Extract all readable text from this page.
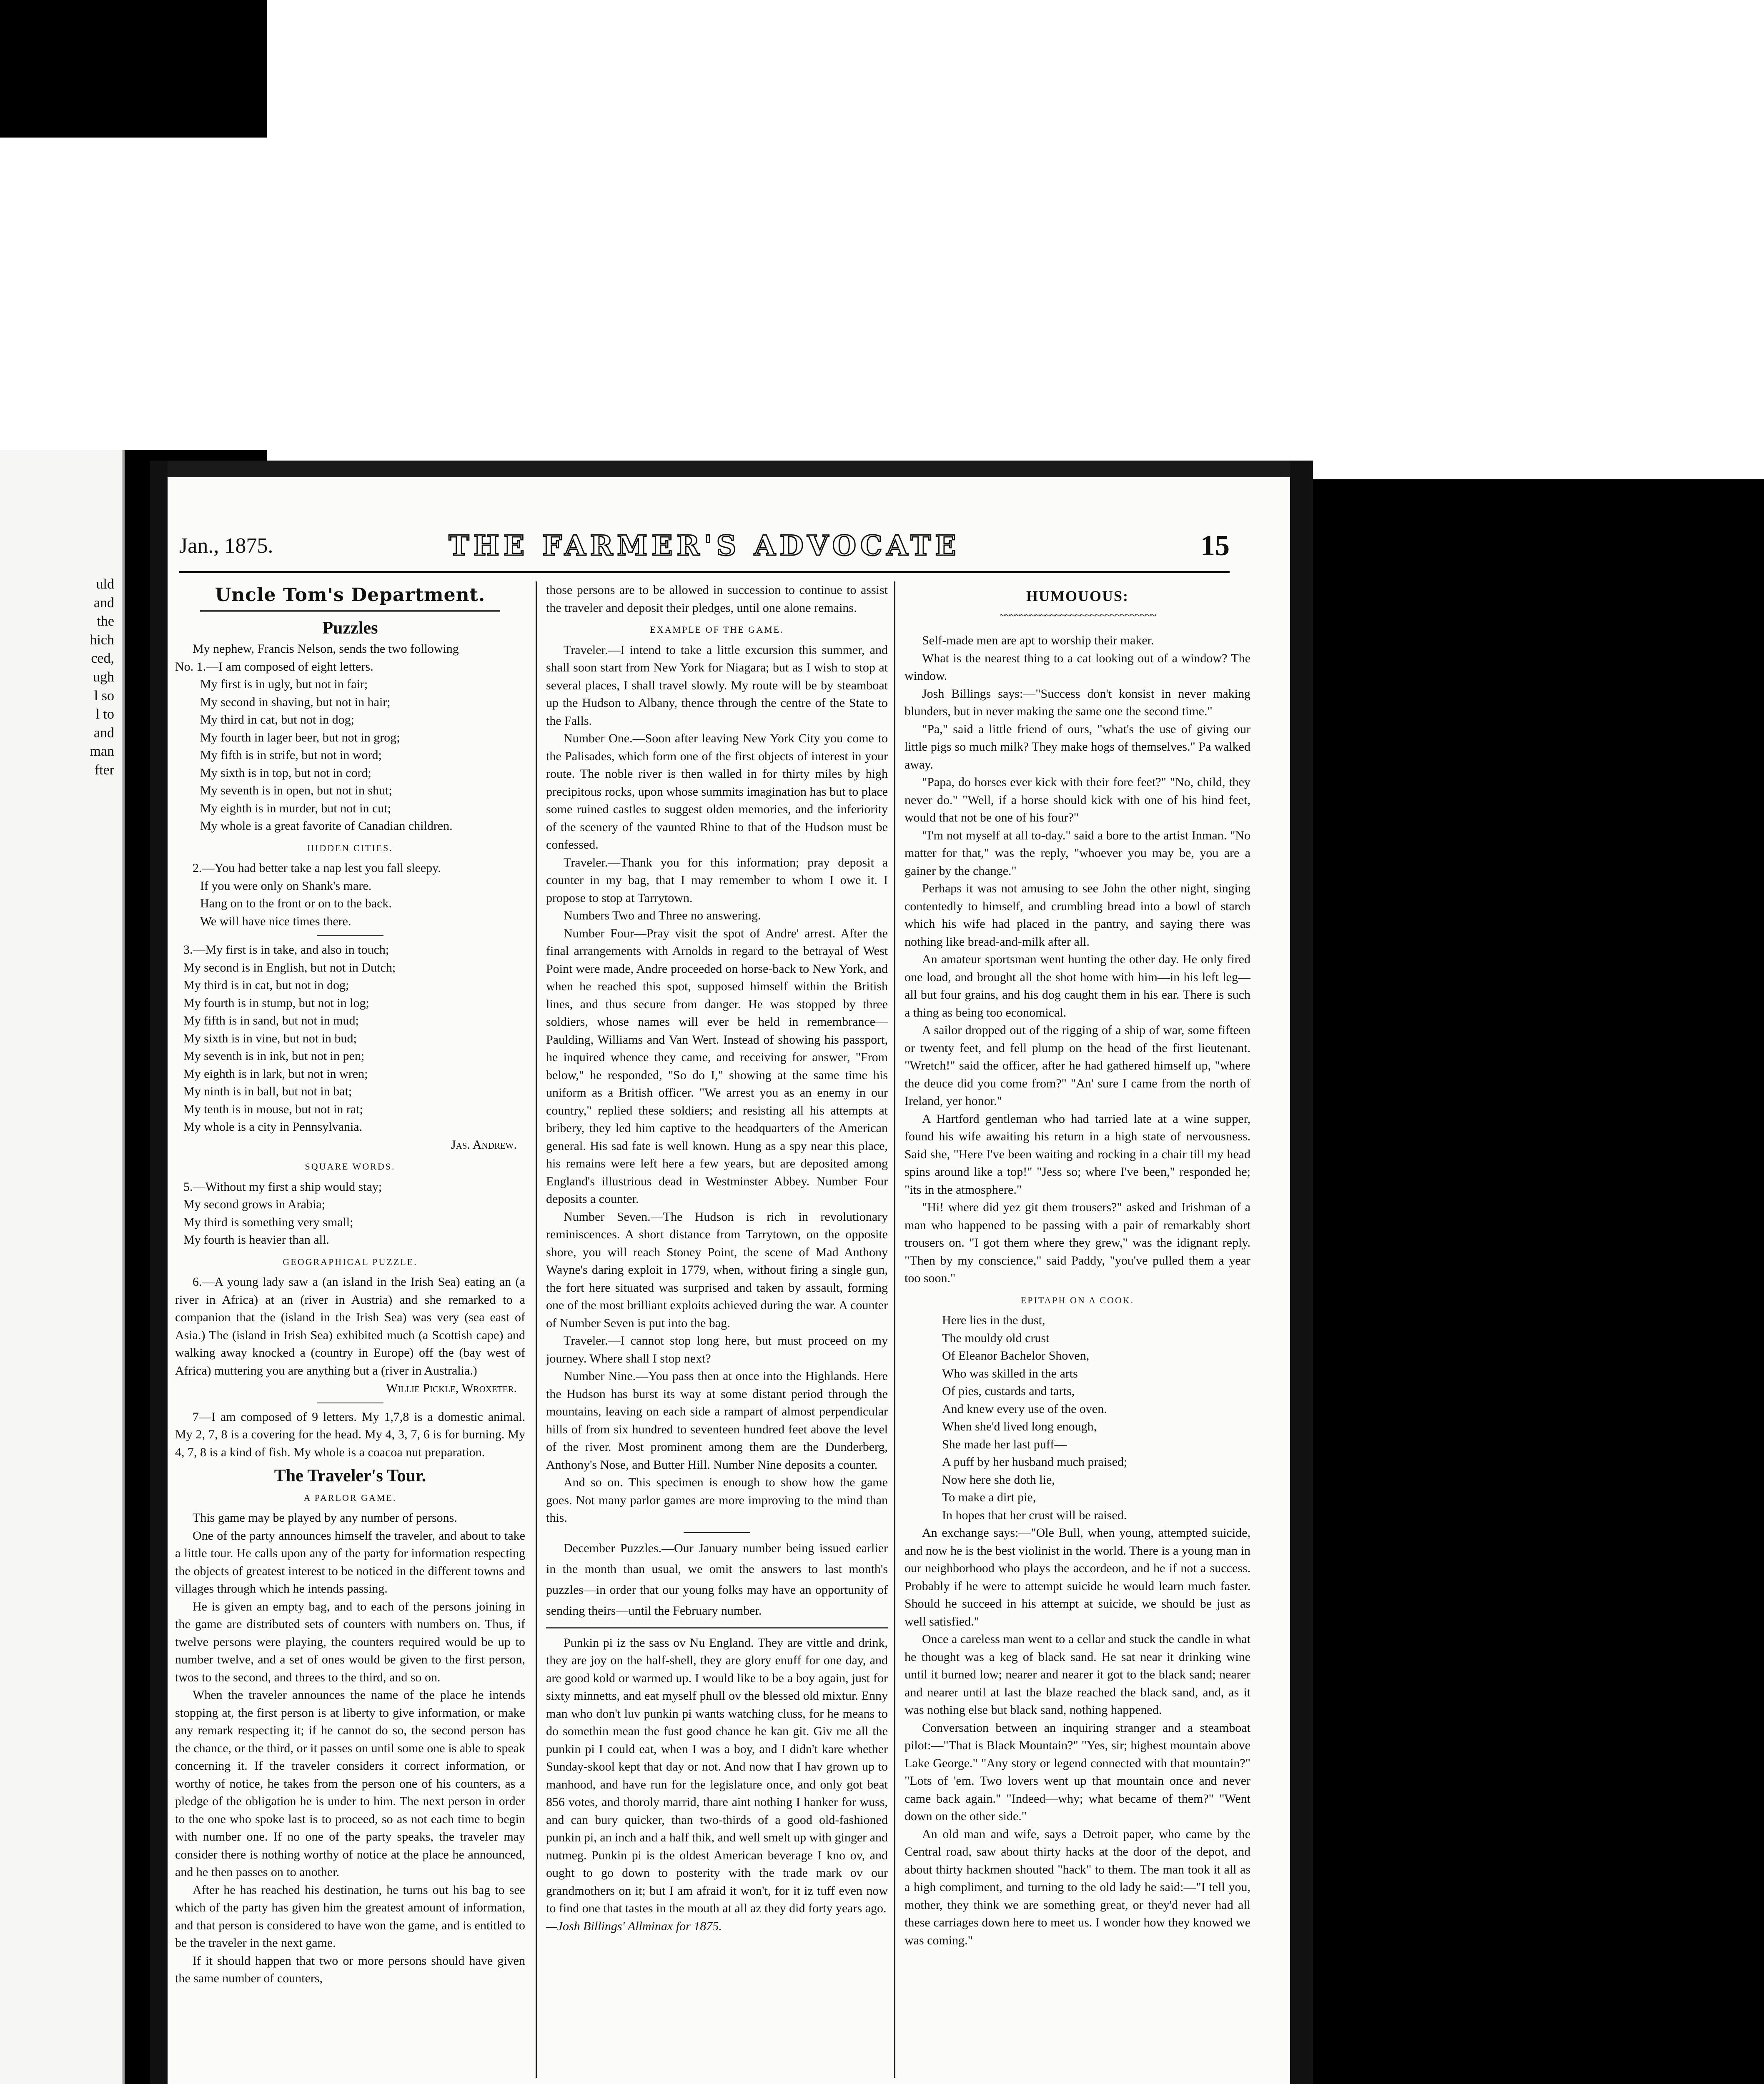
uld
and
the
hich
ced,
ugh
l so
l to
and
man
fter
Jan., 1875.	THE FARMER'S ADVOCATE	15
Uncle Tom's Department.
Puzzles

My nephew, Francis Nelson, sends the two following

No. 1.—I am composed of eight letters.

My first is in ugly, but not in fair;
My second in shaving, but not in hair;
My third in cat, but not in dog;
My fourth in lager beer, but not in grog;
My fifth is in strife, but not in word;
My sixth is in top, but not in cord;
My seventh is in open, but not in shut;
My eighth is in murder, but not in cut;
My whole is a great favorite of Canadian children.
HIDDEN CITIES.

2.—You had better take a nap lest you fall sleepy.

If you were only on Shank's mare.
Hang on to the front or on to the back.
We will have nice times there.
3.—My first is in take, and also in touch;
My second is in English, but not in Dutch;
My third is in cat, but not in dog;
My fourth is in stump, but not in log;
My fifth is in sand, but not in mud;
My sixth is in vine, but not in bud;
My seventh is in ink, but not in pen;
My eighth is in lark, but not in wren;
My ninth is in ball, but not in bat;
My tenth is in mouse, but not in rat;
My whole is a city in Pennsylvania.
Jas. Andrew.
SQUARE WORDS.
5.—Without my first a ship would stay;
My second grows in Arabia;
My third is something very small;
My fourth is heavier than all.
GEOGRAPHICAL PUZZLE.

6.—A young lady saw a (an island in the Irish Sea) eating an (a river in Africa) at an (river in Austria) and she remarked to a companion that the (island in the Irish Sea) was very (sea east of Asia.) The (island in Irish Sea) exhibited much (a Scottish cape) and walking away knocked a (country in Europe) off the (bay west of Africa) muttering you are anything but a (river in Australia.)

Willie Pickle, Wroxeter.

7—I am composed of 9 letters. My 1,7,8 is a domestic animal. My 2, 7, 8 is a covering for the head. My 4, 3, 7, 6 is for burning. My 4, 7, 8 is a kind of fish. My whole is a coacoa nut preparation.

The Traveler's Tour.
A PARLOR GAME.

This game may be played by any number of persons.

One of the party announces himself the traveler, and about to take a little tour. He calls upon any of the party for information respecting the objects of greatest interest to be noticed in the different towns and villages through which he intends passing.

He is given an empty bag, and to each of the persons joining in the game are distributed sets of counters with numbers on. Thus, if twelve persons were playing, the counters required would be up to number twelve, and a set of ones would be given to the first person, twos to the second, and threes to the third, and so on.

When the traveler announces the name of the place he intends stopping at, the first person is at liberty to give information, or make any remark respecting it; if he cannot do so, the second person has the chance, or the third, or it passes on until some one is able to speak concerning it. If the traveler considers it correct information, or worthy of notice, he takes from the person one of his counters, as a pledge of the obligation he is under to him. The next person in order to the one who spoke last is to proceed, so as not each time to begin with number one. If no one of the party speaks, the traveler may consider there is nothing worthy of notice at the place he announced, and he then passes on to another.

After he has reached his destination, he turns out his bag to see which of the party has given him the greatest amount of information, and that person is considered to have won the game, and is entitled to be the traveler in the next game.

If it should happen that two or more persons should have given the same number of counters,

those persons are to be allowed in succession to continue to assist the traveler and deposit their pledges, until one alone remains.

EXAMPLE OF THE GAME.

Traveler.—I intend to take a little excursion this summer, and shall soon start from New York for Niagara; but as I wish to stop at several places, I shall travel slowly. My route will be by steamboat up the Hudson to Albany, thence through the centre of the State to the Falls.

Number One.—Soon after leaving New York City you come to the Palisades, which form one of the first objects of interest in your route. The noble river is then walled in for thirty miles by high precipitous rocks, upon whose summits imagination has but to place some ruined castles to suggest olden memories, and the inferiority of the scenery of the vaunted Rhine to that of the Hudson must be confessed.

Traveler.—Thank you for this information; pray deposit a counter in my bag, that I may remember to whom I owe it. I propose to stop at Tarrytown.

Numbers Two and Three no answering.

Number Four—Pray visit the spot of Andre' arrest. After the final arrangements with Arnolds in regard to the betrayal of West Point were made, Andre proceeded on horse-back to New York, and when he reached this spot, supposed himself within the British lines, and thus secure from danger. He was stopped by three soldiers, whose names will ever be held in remembrance—Paulding, Williams and Van Wert. Instead of showing his passport, he inquired whence they came, and receiving for answer, "From below," he responded, "So do I," showing at the same time his uniform as a British officer. "We arrest you as an enemy in our country," replied these soldiers; and resisting all his attempts at bribery, they led him captive to the headquarters of the American general. His sad fate is well known. Hung as a spy near this place, his remains were left here a few years, but are deposited among England's illustrious dead in Westminster Abbey. Number Four deposits a counter.

Number Seven.—The Hudson is rich in revolutionary reminiscences. A short distance from Tarrytown, on the opposite shore, you will reach Stoney Point, the scene of Mad Anthony Wayne's daring exploit in 1779, when, without firing a single gun, the fort here situated was surprised and taken by assault, forming one of the most brilliant exploits achieved during the war. A counter of Number Seven is put into the bag.

Traveler.—I cannot stop long here, but must proceed on my journey. Where shall I stop next?

Number Nine.—You pass then at once into the Highlands. Here the Hudson has burst its way at some distant period through the mountains, leaving on each side a rampart of almost perpendicular hills of from six hundred to seventeen hundred feet above the level of the river. Most prominent among them are the Dunderberg, Anthony's Nose, and Butter Hill. Number Nine deposits a counter.

And so on. This specimen is enough to show how the game goes. Not many parlor games are more improving to the mind than this.

December Puzzles.—Our January number being issued earlier in the month than usual, we omit the answers to last month's puzzles—in order that our young folks may have an opportunity of sending theirs—until the February number.

Punkin pi iz the sass ov Nu England. They are vittle and drink, they are joy on the half-shell, they are glory enuff for one day, and are good kold or warmed up. I would like to be a boy again, just for sixty minnetts, and eat myself phull ov the blessed old mixtur. Enny man who don't luv punkin pi wants watching cluss, for he means to do somethin mean the fust good chance he kan git. Giv me all the punkin pi I could eat, when I was a boy, and I didn't kare whether Sunday-skool kept that day or not. And now that I hav grown up to manhood, and have run for the legislature once, and only got beat 856 votes, and thoroly marrid, thare aint nothing I hanker for wuss, and can bury quicker, than two-thirds of a good old-fashioned punkin pi, an inch and a half thik, and well smelt up with ginger and nutmeg. Punkin pi is the oldest American beverage I kno ov, and ought to go down to posterity with the trade mark ov our grandmothers on it; but I am afraid it won't, for it iz tuff even now to find one that tastes in the mouth at all az they did forty years ago.

—Josh Billings' Allminax for 1875.

HUMOUOUS:
~~~~~~~~~~~~~~~~~~~~~~~~~~~~~~~

Self-made men are apt to worship their maker.

What is the nearest thing to a cat looking out of a window? The window.

Josh Billings says:—"Success don't konsist in never making blunders, but in never making the same one the second time."

"Pa," said a little friend of ours, "what's the use of giving our little pigs so much milk? They make hogs of themselves." Pa walked away.

"Papa, do horses ever kick with their fore feet?" "No, child, they never do." "Well, if a horse should kick with one of his hind feet, would that not be one of his four?"

"I'm not myself at all to-day." said a bore to the artist Inman. "No matter for that," was the reply, "whoever you may be, you are a gainer by the change."

Perhaps it was not amusing to see John the other night, singing contentedly to himself, and crumbling bread into a bowl of starch which his wife had placed in the pantry, and saying there was nothing like bread-and-milk after all.

An amateur sportsman went hunting the other day. He only fired one load, and brought all the shot home with him—in his left leg—all but four grains, and his dog caught them in his ear. There is such a thing as being too economical.

A sailor dropped out of the rigging of a ship of war, some fifteen or twenty feet, and fell plump on the head of the first lieutenant. "Wretch!" said the officer, after he had gathered himself up, "where the deuce did you come from?" "An' sure I came from the north of Ireland, yer honor."

A Hartford gentleman who had tarried late at a wine supper, found his wife awaiting his return in a high state of nervousness. Said she, "Here I've been waiting and rocking in a chair till my head spins around like a top!" "Jess so; where I've been," responded he; "its in the atmosphere."

"Hi! where did yez git them trousers?" asked and Irishman of a man who happened to be passing with a pair of remarkably short trousers on. "I got them where they grew," was the idignant reply. "Then by my conscience," said Paddy, "you've pulled them a year too soon."

EPITAPH ON A COOK.
Here lies in the dust,
The mouldy old crust
Of Eleanor Bachelor Shoven,
Who was skilled in the arts
Of pies, custards and tarts,
And knew every use of the oven.
When she'd lived long enough,
She made her last puff—
A puff by her husband much praised;
Now here she doth lie,
To make a dirt pie,
In hopes that her crust will be raised.

An exchange says:—"Ole Bull, when young, attempted suicide, and now he is the best violinist in the world. There is a young man in our neighborhood who plays the accordeon, and he if not a success. Probably if he were to attempt suicide he would learn much faster. Should he succeed in his attempt at suicide, we should be just as well satisfied."

Once a careless man went to a cellar and stuck the candle in what he thought was a keg of black sand. He sat near it drinking wine until it burned low; nearer and nearer it got to the black sand; nearer and nearer until at last the blaze reached the black sand, and, as it was nothing else but black sand, nothing happened.

Conversation between an inquiring stranger and a steamboat pilot:—"That is Black Mountain?" "Yes, sir; highest mountain above Lake George." "Any story or legend connected with that mountain?" "Lots of 'em. Two lovers went up that mountain once and never came back again." "Indeed—why; what became of them?" "Went down on the other side."

An old man and wife, says a Detroit paper, who came by the Central road, saw about thirty hacks at the door of the depot, and about thirty hackmen shouted "hack" to them. The man took it all as a high compliment, and turning to the old lady he said:—"I tell you, mother, they think we are something great, or they'd never had all these carriages down here to meet us. I wonder how they knowed we was coming."
